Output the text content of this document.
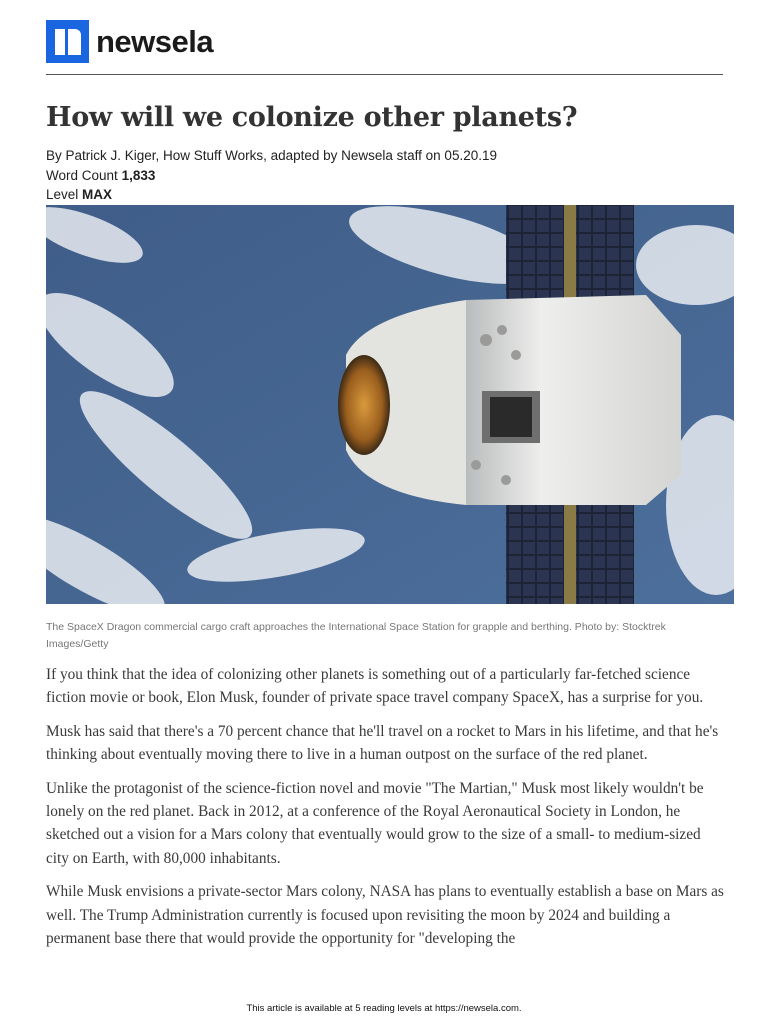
newsela
How will we colonize other planets?
By Patrick J. Kiger, How Stuff Works, adapted by Newsela staff on 05.20.19
Word Count 1,833
Level MAX
The SpaceX Dragon commercial cargo craft approaches the International Space Station for grapple and berthing. Photo by: Stocktrek Images/Getty

If you think that the idea of colonizing other planets is something out of a particularly far-fetched science fiction movie or book, Elon Musk, founder of private space travel company SpaceX, has a surprise for you.

Musk has said that there's a 70 percent chance that he'll travel on a rocket to Mars in his lifetime, and that he's thinking about eventually moving there to live in a human outpost on the surface of the red planet.

Unlike the protagonist of the science-fiction novel and movie "The Martian," Musk most likely wouldn't be lonely on the red planet. Back in 2012, at a conference of the Royal Aeronautical Society in London, he sketched out a vision for a Mars colony that eventually would grow to the size of a small- to medium-sized city on Earth, with 80,000 inhabitants.

While Musk envisions a private-sector Mars colony, NASA has plans to eventually establish a base on Mars as well. The Trump Administration currently is focused upon revisiting the moon by 2024 and building a permanent base there that would provide the opportunity for "developing the

This article is available at 5 reading levels at https://newsela.com.
